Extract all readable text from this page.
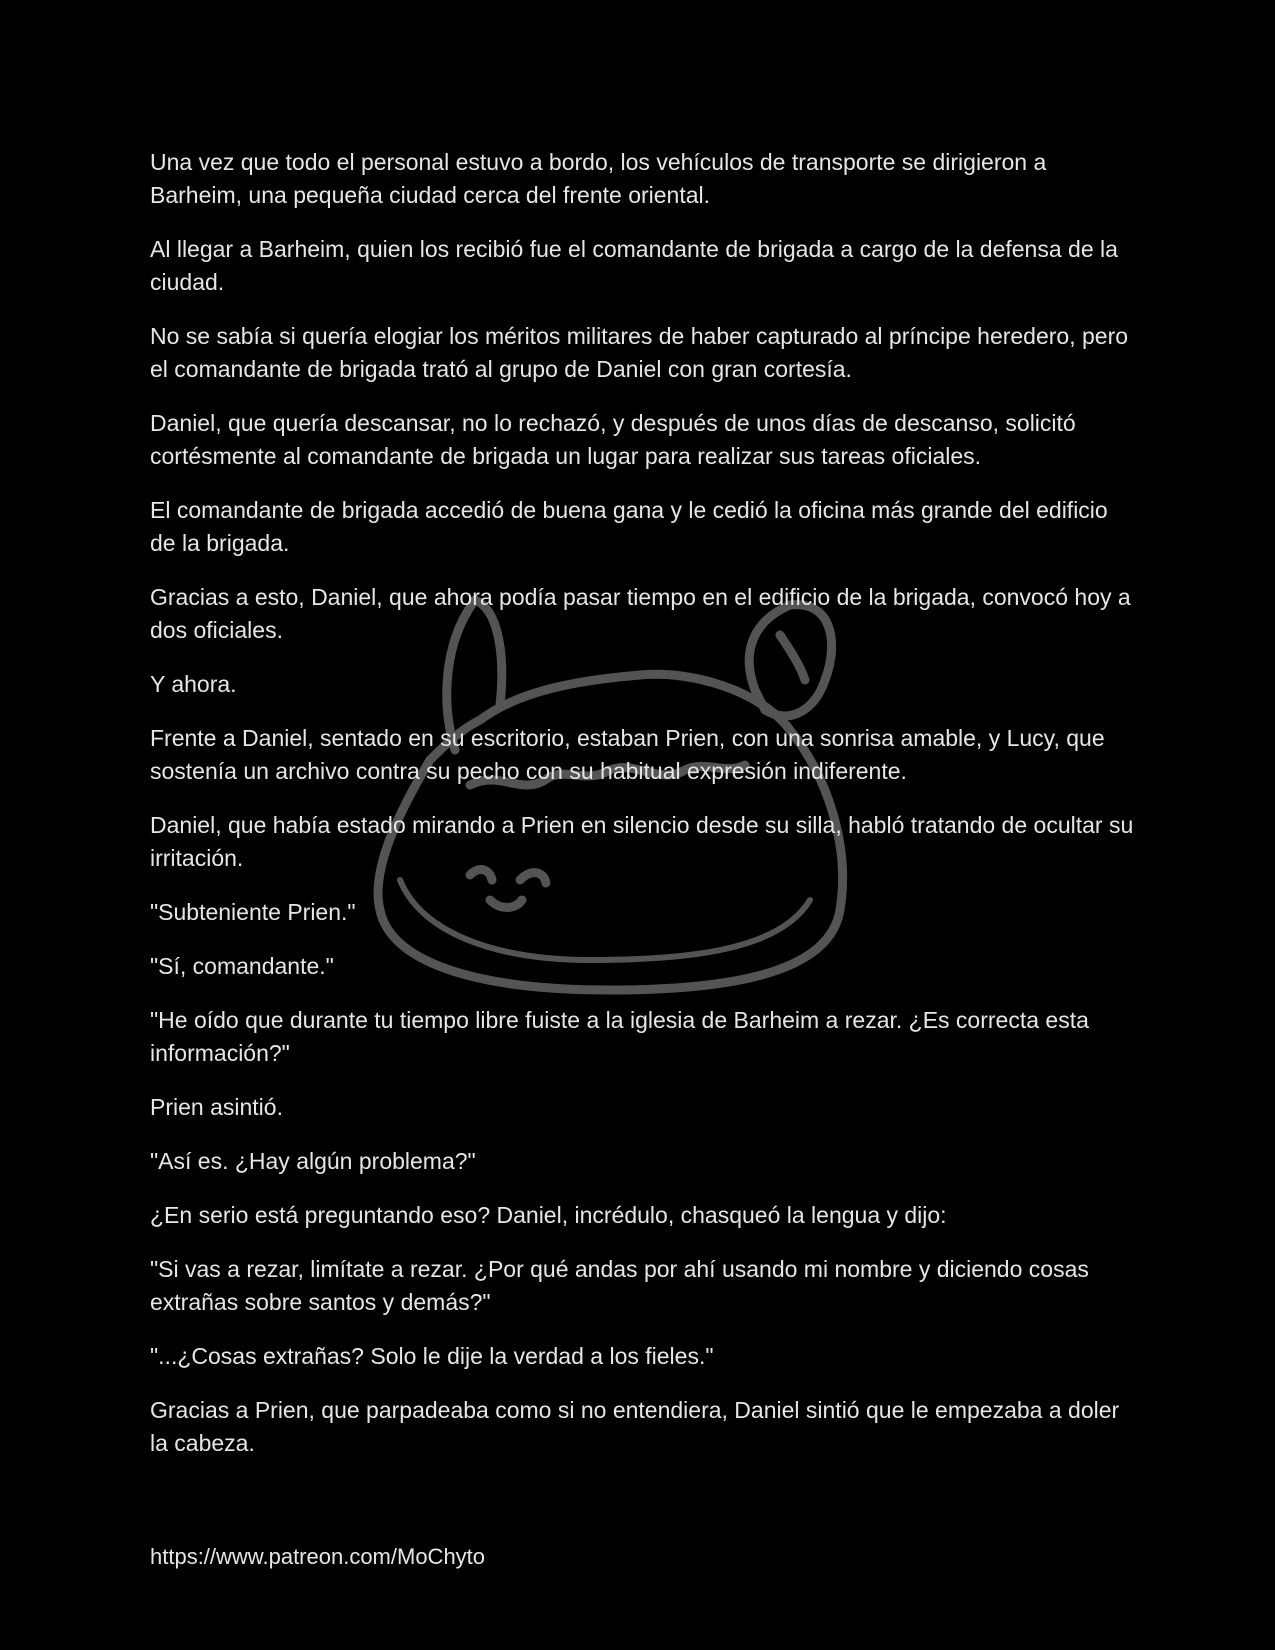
Una vez que todo el personal estuvo a bordo, los vehículos de transporte se dirigieron a Barheim, una pequeña ciudad cerca del frente oriental.

Al llegar a Barheim, quien los recibió fue el comandante de brigada a cargo de la defensa de la ciudad.

No se sabía si quería elogiar los méritos militares de haber capturado al príncipe heredero, pero el comandante de brigada trató al grupo de Daniel con gran cortesía.

Daniel, que quería descansar, no lo rechazó, y después de unos días de descanso, solicitó cortésmente al comandante de brigada un lugar para realizar sus tareas oficiales.

El comandante de brigada accedió de buena gana y le cedió la oficina más grande del edificio de la brigada.

Gracias a esto, Daniel, que ahora podía pasar tiempo en el edificio de la brigada, convocó hoy a dos oficiales.

Y ahora.

Frente a Daniel, sentado en su escritorio, estaban Prien, con una sonrisa amable, y Lucy, que sostenía un archivo contra su pecho con su habitual expresión indiferente.

Daniel, que había estado mirando a Prien en silencio desde su silla, habló tratando de ocultar su irritación.

"Subteniente Prien."

"Sí, comandante."

"He oído que durante tu tiempo libre fuiste a la iglesia de Barheim a rezar. ¿Es correcta esta información?"

Prien asintió.

"Así es. ¿Hay algún problema?"

¿En serio está preguntando eso? Daniel, incrédulo, chasqueó la lengua y dijo:

"Si vas a rezar, limítate a rezar. ¿Por qué andas por ahí usando mi nombre y diciendo cosas extrañas sobre santos y demás?"

"...¿Cosas extrañas? Solo le dije la verdad a los fieles."

Gracias a Prien, que parpadeaba como si no entendiera, Daniel sintió que le empezaba a doler la cabeza.

https://www.patreon.com/MoChyto
